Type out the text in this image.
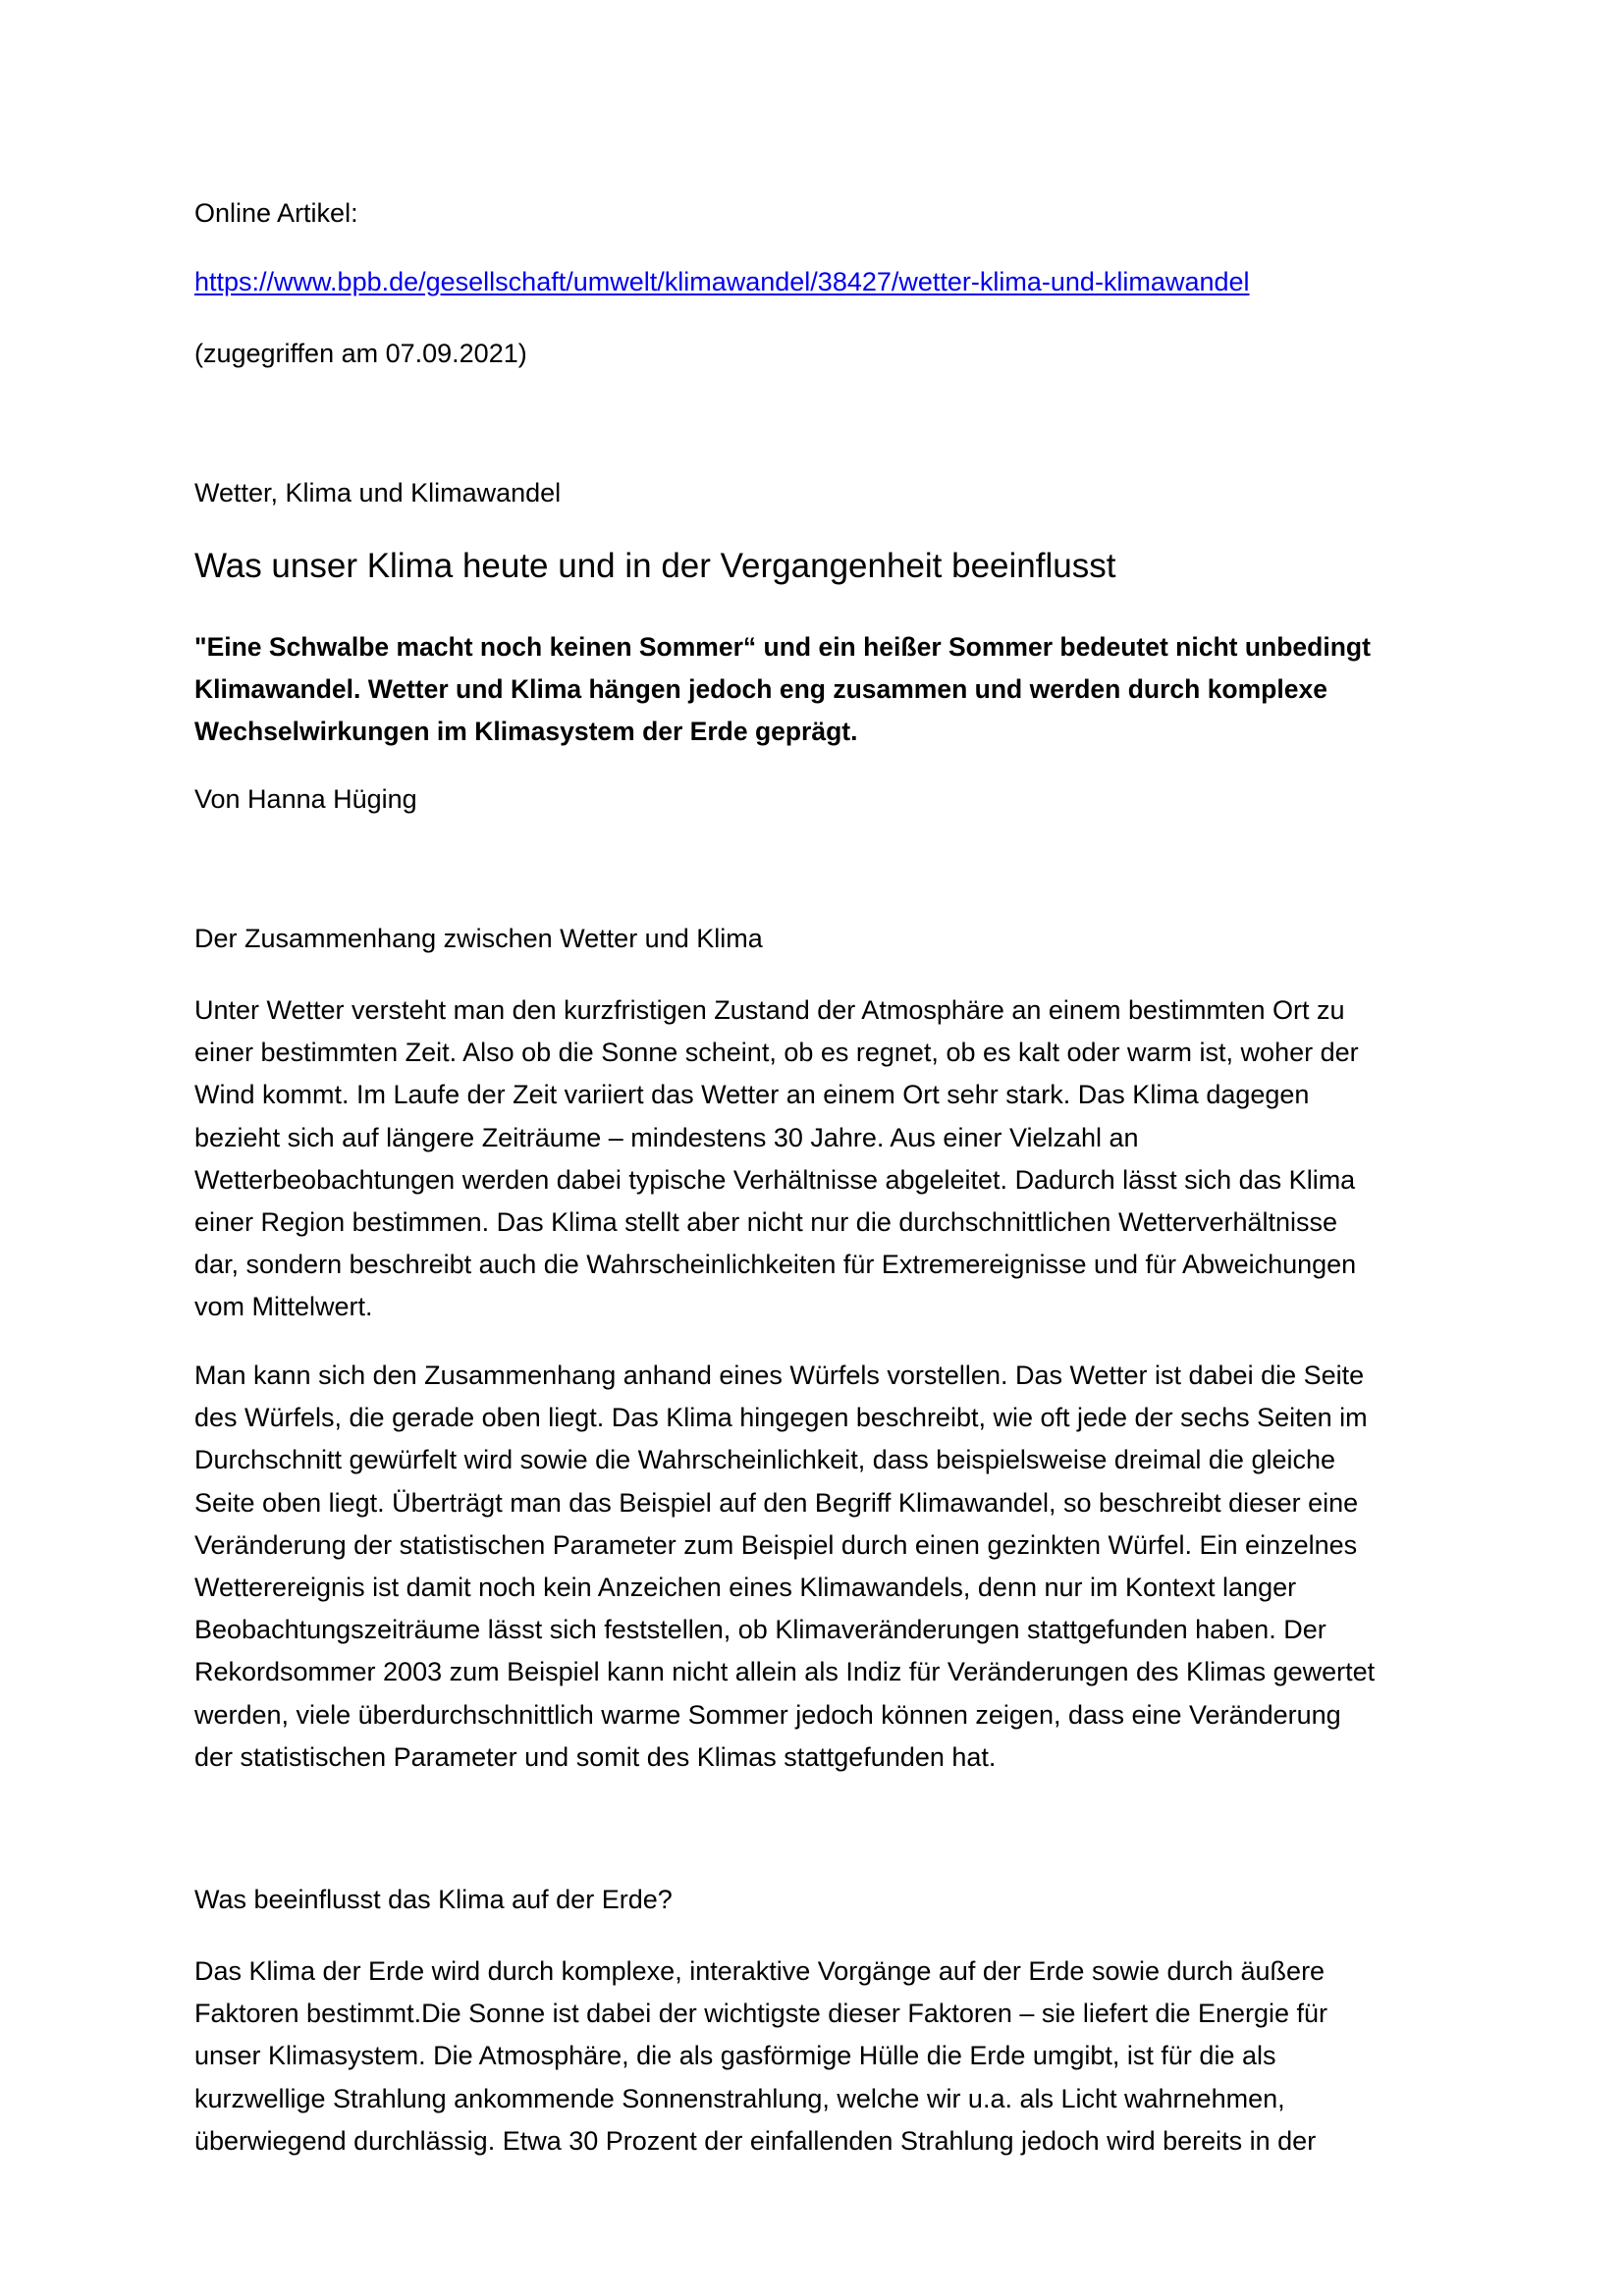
Online Artikel:
https://www.bpb.de/gesellschaft/umwelt/klimawandel/38427/wetter-klima-und-klimawandel
(zugegriffen am 07.09.2021)
Wetter, Klima und Klimawandel
Was unser Klima heute und in der Vergangenheit beeinflusst

"Eine Schwalbe macht noch keinen Sommer“ und ein heißer Sommer bedeutet nicht unbedingt

Klimawandel. Wetter und Klima hängen jedoch eng zusammen und werden durch komplexe

Wechselwirkungen im Klimasystem der Erde geprägt.

Von Hanna Hüging
Der Zusammenhang zwischen Wetter und Klima

Unter Wetter versteht man den kurzfristigen Zustand der Atmosphäre an einem bestimmten Ort zu

einer bestimmten Zeit. Also ob die Sonne scheint, ob es regnet, ob es kalt oder warm ist, woher der

Wind kommt. Im Laufe der Zeit variiert das Wetter an einem Ort sehr stark. Das Klima dagegen

bezieht sich auf längere Zeiträume – mindestens 30 Jahre. Aus einer Vielzahl an

Wetterbeobachtungen werden dabei typische Verhältnisse abgeleitet. Dadurch lässt sich das Klima

einer Region bestimmen. Das Klima stellt aber nicht nur die durchschnittlichen Wetterverhältnisse

dar, sondern beschreibt auch die Wahrscheinlichkeiten für Extremereignisse und für Abweichungen

vom Mittelwert.

Man kann sich den Zusammenhang anhand eines Würfels vorstellen. Das Wetter ist dabei die Seite

des Würfels, die gerade oben liegt. Das Klima hingegen beschreibt, wie oft jede der sechs Seiten im

Durchschnitt gewürfelt wird sowie die Wahrscheinlichkeit, dass beispielsweise dreimal die gleiche

Seite oben liegt. Überträgt man das Beispiel auf den Begriff Klimawandel, so beschreibt dieser eine

Veränderung der statistischen Parameter zum Beispiel durch einen gezinkten Würfel. Ein einzelnes

Wetterereignis ist damit noch kein Anzeichen eines Klimawandels, denn nur im Kontext langer

Beobachtungszeiträume lässt sich feststellen, ob Klimaveränderungen stattgefunden haben. Der

Rekordsommer 2003 zum Beispiel kann nicht allein als Indiz für Veränderungen des Klimas gewertet

werden, viele überdurchschnittlich warme Sommer jedoch können zeigen, dass eine Veränderung

der statistischen Parameter und somit des Klimas stattgefunden hat.

Was beeinflusst das Klima auf der Erde?

Das Klima der Erde wird durch komplexe, interaktive Vorgänge auf der Erde sowie durch äußere

Faktoren bestimmt.Die Sonne ist dabei der wichtigste dieser Faktoren – sie liefert die Energie für

unser Klimasystem. Die Atmosphäre, die als gasförmige Hülle die Erde umgibt, ist für die als

kurzwellige Strahlung ankommende Sonnenstrahlung, welche wir u.a. als Licht wahrnehmen,

überwiegend durchlässig. Etwa 30 Prozent der einfallenden Strahlung jedoch wird bereits in der
